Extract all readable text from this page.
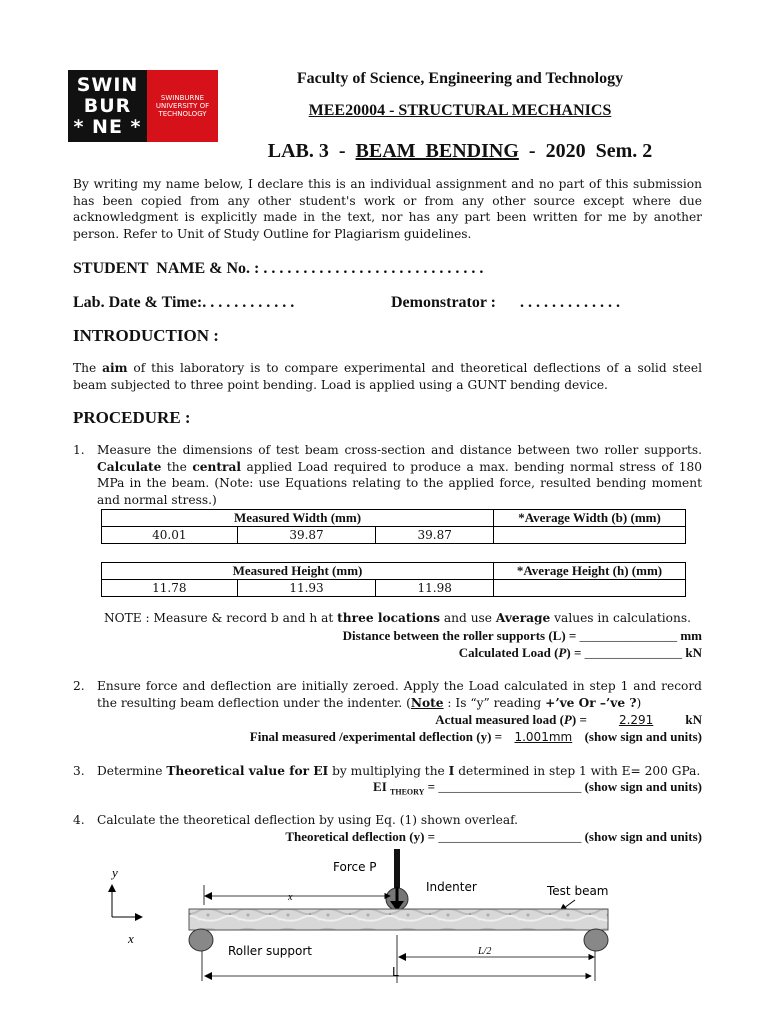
SWIN
BUR
* NE *
SWINBURNE
UNIVERSITY OF
TECHNOLOGY
Faculty of Science, Engineering and Technology
MEE20004 - STRUCTURAL MECHANICS
LAB. 3  -  BEAM  BENDING  -  2020  Sem. 2
By writing my name below, I declare this is an individual assignment and no part of this submission has been copied from any other student's work or from any other source except where due acknowledgment is explicitly made in the text, nor has any part been written for me by another person. Refer to Unit of Study Outline for Plagiarism guidelines.
STUDENT  NAME & No. : . . . . . . . . . . . . . . . . . . . . . . . . . . . .
Lab. Date & Time:. . . . . . . . . . . .	Demonstrator : . . . . . . . . . . . . .
INTRODUCTION :
The aim of this laboratory is to compare experimental and theoretical deflections of a solid steel beam subjected to three point bending. Load is applied using a GUNT bending device.
PROCEDURE :
1. Measure the dimensions of test beam cross-section and distance between two roller supports. Calculate the central applied Load required to produce a max. bending normal stress of 180 MPa in the beam. (Note: use Equations relating to the applied force, resulted bending moment and normal stress.)
Measured Width (mm)			*Average Width (b) (mm)
40.01	39.87	39.87	
Measured Height (mm)			*Average Height (h) (mm)
11.78	11.93	11.98	
NOTE : Measure & record b and h at three locations and use Average values in calculations.
Distance between the roller supports (L) = _______________ mm
Calculated Load (P) = _______________ kN
2. Ensure force and deflection are initially zeroed. Apply the Load calculated in step 1 and record the resulting beam deflection under the indenter. (Note : Is “y” reading +’ve Or –’ve ?)
Actual measured load (P) = 2.291 kN
Final measured /experimental deflection (y) = 1.001mm (show sign and units)
3. Determine Theoretical value for EI by multiplying the I determined in step 1 with E= 200 GPa.
EI $_{THEORY}$ = ______________________ (show sign and units)
4. Calculate the theoretical deflection by using Eq. (1) shown overleaf.
Theoretical deflection (y) = ______________________ (show sign and units)
y
x
Force P
Indenter	Test beam
x
Roller support	L/2
L
